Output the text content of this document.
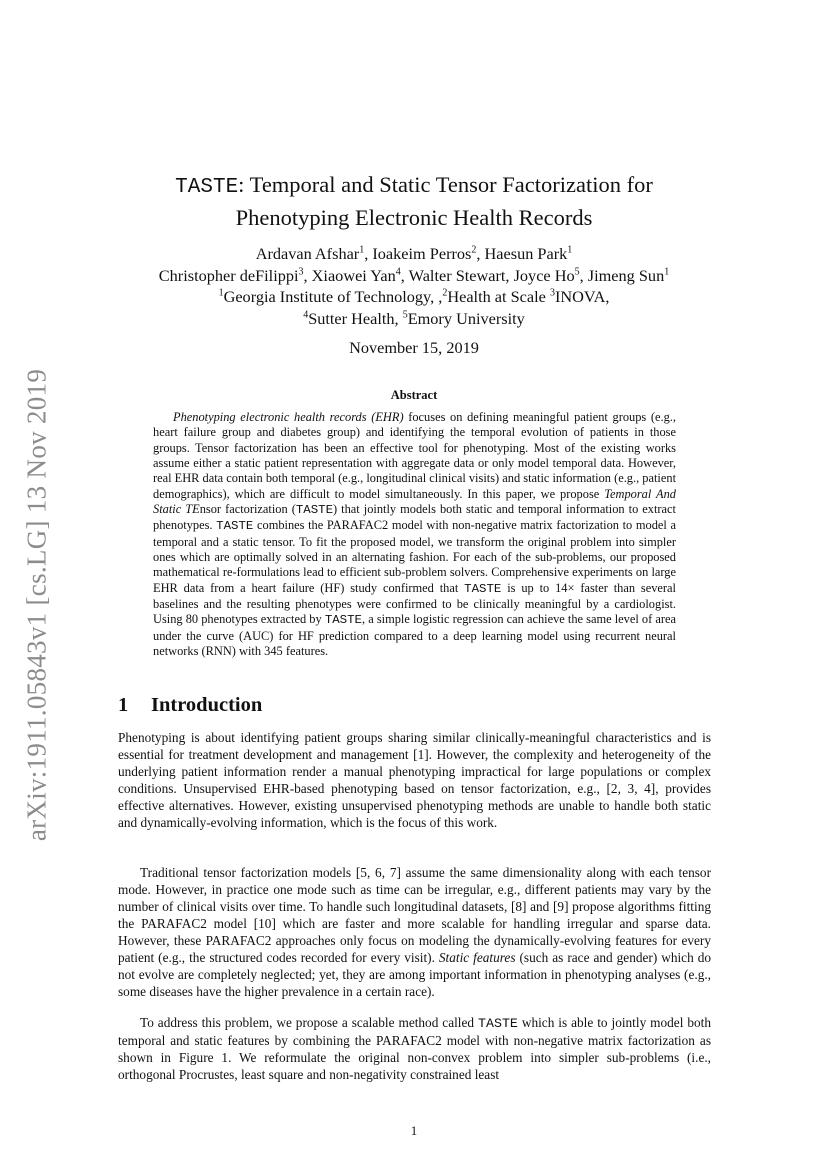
arXiv:1911.05843v1 [cs.LG] 13 Nov 2019
TASTE: Temporal and Static Tensor Factorization for
Phenotyping Electronic Health Records
Ardavan Afshar$^1$, Ioakeim Perros$^2$, Haesun Park$^1$
Christopher deFilippi$^3$, Xiaowei Yan$^4$, Walter Stewart, Joyce Ho$^5$, Jimeng Sun$^1$
$^1$Georgia Institute of Technology, ,$^2$Health at Scale $^3$INOVA,
$^4$Sutter Health, $^5$Emory University
November 15, 2019
Abstract

Phenotyping electronic health records (EHR) focuses on defining meaningful patient groups (e.g., heart failure group and diabetes group) and identifying the temporal evolution of patients in those groups. Tensor factorization has been an effective tool for phenotyping. Most of the existing works assume either a static patient representation with aggregate data or only model temporal data. However, real EHR data contain both temporal (e.g., longitudinal clinical visits) and static information (e.g., patient demographics), which are difficult to model simultaneously. In this paper, we propose Temporal And Static TEnsor factorization (TASTE) that jointly models both static and temporal information to extract phenotypes. TASTE combines the PARAFAC2 model with non-negative matrix factorization to model a temporal and a static tensor. To fit the proposed model, we transform the original problem into simpler ones which are optimally solved in an alternating fashion. For each of the sub-problems, our proposed mathematical re-formulations lead to efficient sub-problem solvers. Comprehensive experiments on large EHR data from a heart failure (HF) study confirmed that TASTE is up to 14× faster than several baselines and the resulting phenotypes were confirmed to be clinically meaningful by a cardiologist. Using 80 phenotypes extracted by TASTE, a simple logistic regression can achieve the same level of area under the curve (AUC) for HF prediction compared to a deep learning model using recurrent neural networks (RNN) with 345 features.

1 Introduction

Phenotyping is about identifying patient groups sharing similar clinically-meaningful characteristics and is essential for treatment development and management [1]. However, the complexity and heterogeneity of the underlying patient information render a manual phenotyping impractical for large populations or complex conditions. Unsupervised EHR-based phenotyping based on tensor factorization, e.g., [2, 3, 4], provides effective alternatives. However, existing unsupervised phenotyping methods are unable to handle both static and dynamically-evolving information, which is the focus of this work.

Traditional tensor factorization models [5, 6, 7] assume the same dimensionality along with each tensor mode. However, in practice one mode such as time can be irregular, e.g., different patients may vary by the number of clinical visits over time. To handle such longitudinal datasets, [8] and [9] propose algorithms fitting the PARAFAC2 model [10] which are faster and more scalable for handling irregular and sparse data. However, these PARAFAC2 approaches only focus on modeling the dynamically-evolving features for every patient (e.g., the structured codes recorded for every visit). Static features (such as race and gender) which do not evolve are completely neglected; yet, they are among important information in phenotyping analyses (e.g., some diseases have the higher prevalence in a certain race).

To address this problem, we propose a scalable method called TASTE which is able to jointly model both temporal and static features by combining the PARAFAC2 model with non-negative matrix factorization as shown in Figure 1. We reformulate the original non-convex problem into simpler sub-problems (i.e., orthogonal Procrustes, least square and non-negativity constrained least

1
